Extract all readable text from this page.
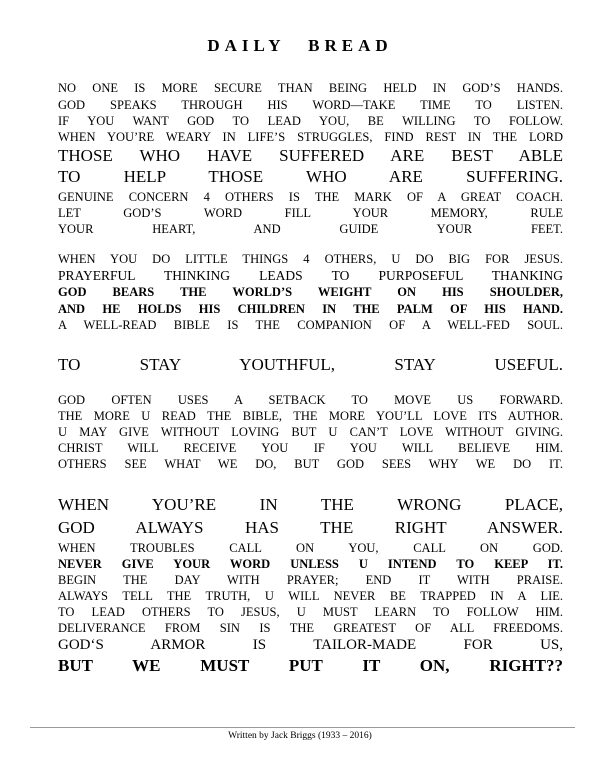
DAILY BREAD
NO ONE IS MORE SECURE THAN BEING HELD IN GOD’S HANDS.
GOD SPEAKS THROUGH HIS WORD—TAKE TIME TO LISTEN.
IF YOU WANT GOD TO LEAD YOU, BE WILLING TO FOLLOW.
WHEN YOU’RE WEARY IN LIFE’S STRUGGLES, FIND REST IN THE LORD
THOSE WHO HAVE SUFFERED ARE BEST ABLE
TO HELP THOSE WHO ARE SUFFERING.
GENUINE CONCERN 4 OTHERS IS THE MARK OF A GREAT COACH.
LET GOD’S WORD FILL YOUR MEMORY, RULE
YOUR HEART, AND GUIDE YOUR FEET.
WHEN YOU DO LITTLE THINGS 4 OTHERS, U DO BIG FOR JESUS.
PRAYERFUL THINKING LEADS TO PURPOSEFUL THANKING
GOD BEARS THE WORLD’S WEIGHT ON HIS SHOULDER,
AND HE HOLDS HIS CHILDREN IN THE PALM OF HIS HAND.
A WELL-READ BIBLE IS THE COMPANION OF A WELL-FED SOUL.
TO STAY YOUTHFUL, STAY USEFUL.
GOD OFTEN USES A SETBACK TO MOVE US FORWARD.
THE MORE U READ THE BIBLE, THE MORE YOU’LL LOVE ITS AUTHOR.
U MAY GIVE WITHOUT LOVING BUT U CAN’T LOVE WITHOUT GIVING.
CHRIST WILL RECEIVE YOU IF YOU WILL BELIEVE HIM.
OTHERS SEE WHAT WE DO, BUT GOD SEES WHY WE DO IT.
WHEN YOU’RE IN THE WRONG PLACE,
GOD ALWAYS HAS THE RIGHT ANSWER.
WHEN TROUBLES CALL ON YOU, CALL ON GOD.
NEVER GIVE YOUR WORD UNLESS U INTEND TO KEEP IT.
BEGIN THE DAY WITH PRAYER; END IT WITH PRAISE.
ALWAYS TELL THE TRUTH, U WILL NEVER BE TRAPPED IN A LIE.
TO LEAD OTHERS TO JESUS, U MUST LEARN TO FOLLOW HIM.
DELIVERANCE FROM SIN IS THE GREATEST OF ALL FREEDOMS.
GOD‘S ARMOR IS TAILOR-MADE FOR US,
BUT WE MUST PUT IT ON, RIGHT??
Written by Jack Briggs (1933 – 2016)
